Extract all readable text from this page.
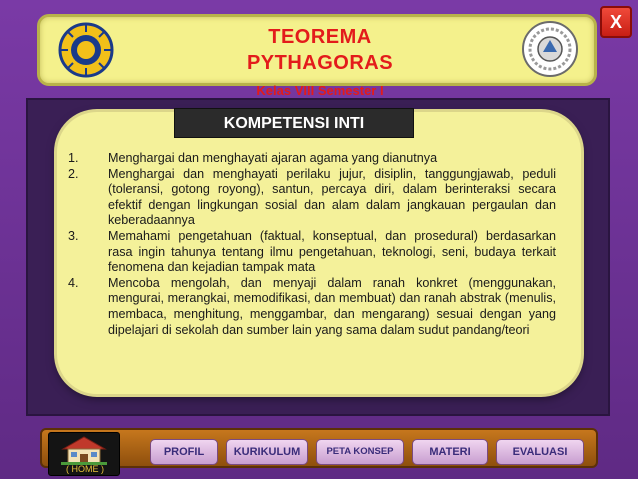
TEOREMA
PYTHAGORAS
X
Kelas VIII Semester I
KOMPETENSI INTI
1.	Menghargai dan menghayati ajaran agama yang dianutnya
2.	Menghargai dan menghayati perilaku jujur, disiplin, tanggungjawab, peduli (toleransi, gotong royong), santun, percaya diri, dalam berinteraksi secara efektif dengan lingkungan sosial dan alam dalam jangkauan pergaulan dan keberadaannya
3.	Memahami pengetahuan (faktual, konseptual, dan prosedural) berdasarkan rasa ingin tahunya tentang ilmu pengetahuan, teknologi, seni, budaya terkait fenomena dan kejadian tampak mata
4.	Mencoba mengolah, dan menyaji dalam ranah konkret (menggunakan, mengurai, merangkai, memodifikasi, dan membuat) dan ranah abstrak (menulis, membaca, menghitung, menggambar, dan mengarang) sesuai dengan yang dipelajari di sekolah dan sumber lain yang sama dalam sudut pandang/teori
( HOME )
PROFIL	KURIKULUM	PETA KONSEP	MATERI	EVALUASI
